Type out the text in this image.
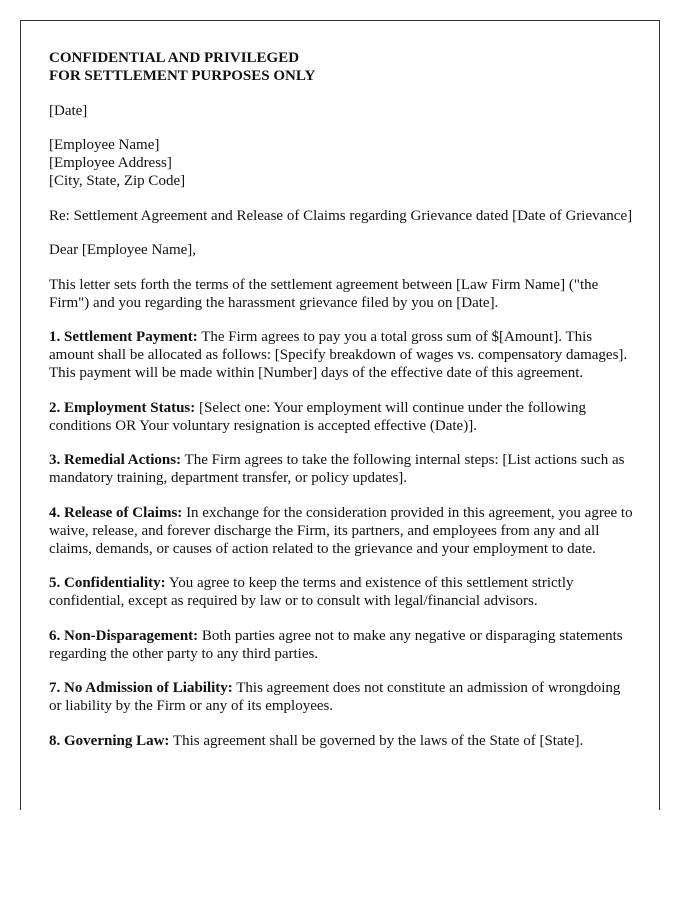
CONFIDENTIAL AND PRIVILEGED
FOR SETTLEMENT PURPOSES ONLY

[Date]

[Employee Name]
[Employee Address]
[City, State, Zip Code]

Re: Settlement Agreement and Release of Claims regarding Grievance dated [Date of Grievance]

Dear [Employee Name],

This letter sets forth the terms of the settlement agreement between [Law Firm Name] ("the Firm") and you regarding the harassment grievance filed by you on [Date].

1. Settlement Payment: The Firm agrees to pay you a total gross sum of $[Amount]. This amount shall be allocated as follows: [Specify breakdown of wages vs. compensatory damages]. This payment will be made within [Number] days of the effective date of this agreement.

2. Employment Status: [Select one: Your employment will continue under the following conditions OR Your voluntary resignation is accepted effective (Date)].

3. Remedial Actions: The Firm agrees to take the following internal steps: [List actions such as mandatory training, department transfer, or policy updates].

4. Release of Claims: In exchange for the consideration provided in this agreement, you agree to waive, release, and forever discharge the Firm, its partners, and employees from any and all claims, demands, or causes of action related to the grievance and your employment to date.

5. Confidentiality: You agree to keep the terms and existence of this settlement strictly confidential, except as required by law or to consult with legal/financial advisors.

6. Non-Disparagement: Both parties agree not to make any negative or disparaging statements regarding the other party to any third parties.

7. No Admission of Liability: This agreement does not constitute an admission of wrongdoing or liability by the Firm or any of its employees.

8. Governing Law: This agreement shall be governed by the laws of the State of [State].
